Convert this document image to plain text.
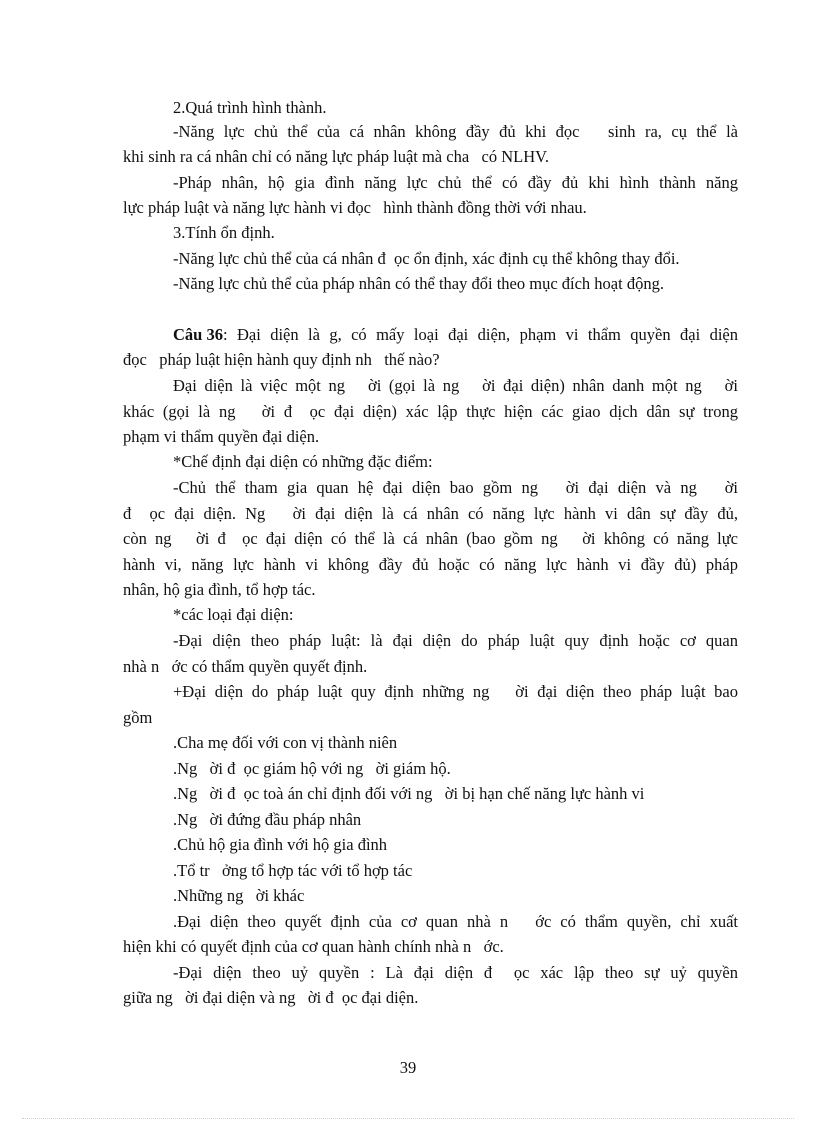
2.Quá trình hình thành.
-Năng lực chủ thể của cá nhân không đầy đủ khi đọc   sinh ra, cụ thể là
khi sinh ra cá nhân chỉ có năng lực pháp luật mà cha   có NLHV.
-Pháp nhân, hộ gia đình năng lực chủ thể có đầy đủ khi hình thành năng
lực pháp luật và năng lực hành vi đọc   hình thành đồng thời với nhau.
3.Tính ổn định.
-Năng lực chủ thể của cá nhân đ  ọc ổn định, xác định cụ thể không thay đổi.
-Năng lực chủ thể của pháp nhân có thể thay đổi theo mục đích hoạt động.
Câu 36 : Đại diện là g, có mấy loại đại diện, phạm vi thẩm quyền đại diện
đọc   pháp luật hiện hành quy định nh   thế nào?
Đại diện là việc một ng   ời (gọi là ng   ời đại diện) nhân danh một ng   ời
khác (gọi là ng   ời đ  ọc đại diện) xác lập thực hiện các giao dịch dân sự trong
phạm vi thẩm quyền đại diện.
*Chế định đại diện có những đặc điểm:
-Chủ thể tham gia quan hệ đại diện bao gồm ng   ời đại diện và ng   ời
đ  ọc đại diện. Ng   ời đại diện là cá nhân có năng lực hành vi dân sự đầy đủ,
còn ng   ời đ  ọc đại diện có thể là cá nhân (bao gồm ng   ời không có năng lực
hành vi, năng lực hành vi không đầy đủ hoặc có năng lực hành vi đầy đủ) pháp
nhân, hộ gia đình, tổ hợp tác.
*các loại đại diện:
-Đại diện theo pháp luật: là đại diện do pháp luật quy định hoặc cơ quan
nhà n   ớc có thẩm quyền quyết định.
+Đại diện do pháp luật quy định những ng   ời đại diện theo pháp luật bao
gồm
.Cha mẹ đối với con vị thành niên
.Ng   ời đ  ọc giám hộ với ng   ời giám hộ.
.Ng   ời đ  ọc toà án chỉ định đối với ng   ời bị hạn chế năng lực hành vi
.Ng   ời đứng đầu pháp nhân
.Chủ hộ gia đình với hộ gia đình
.Tổ tr   ởng tổ hợp tác với tổ hợp tác
.Những ng   ời khác
.Đại diện theo quyết định của cơ quan nhà n   ớc có thẩm quyền, chỉ xuất
hiện khi có quyết định của cơ quan hành chính nhà n   ớc.
-Đại diện theo uỷ quyền : Là đại diện đ  ọc xác lập theo sự uỷ quyền
giữa ng   ời đại diện và ng   ời đ  ọc đại diện.
39
